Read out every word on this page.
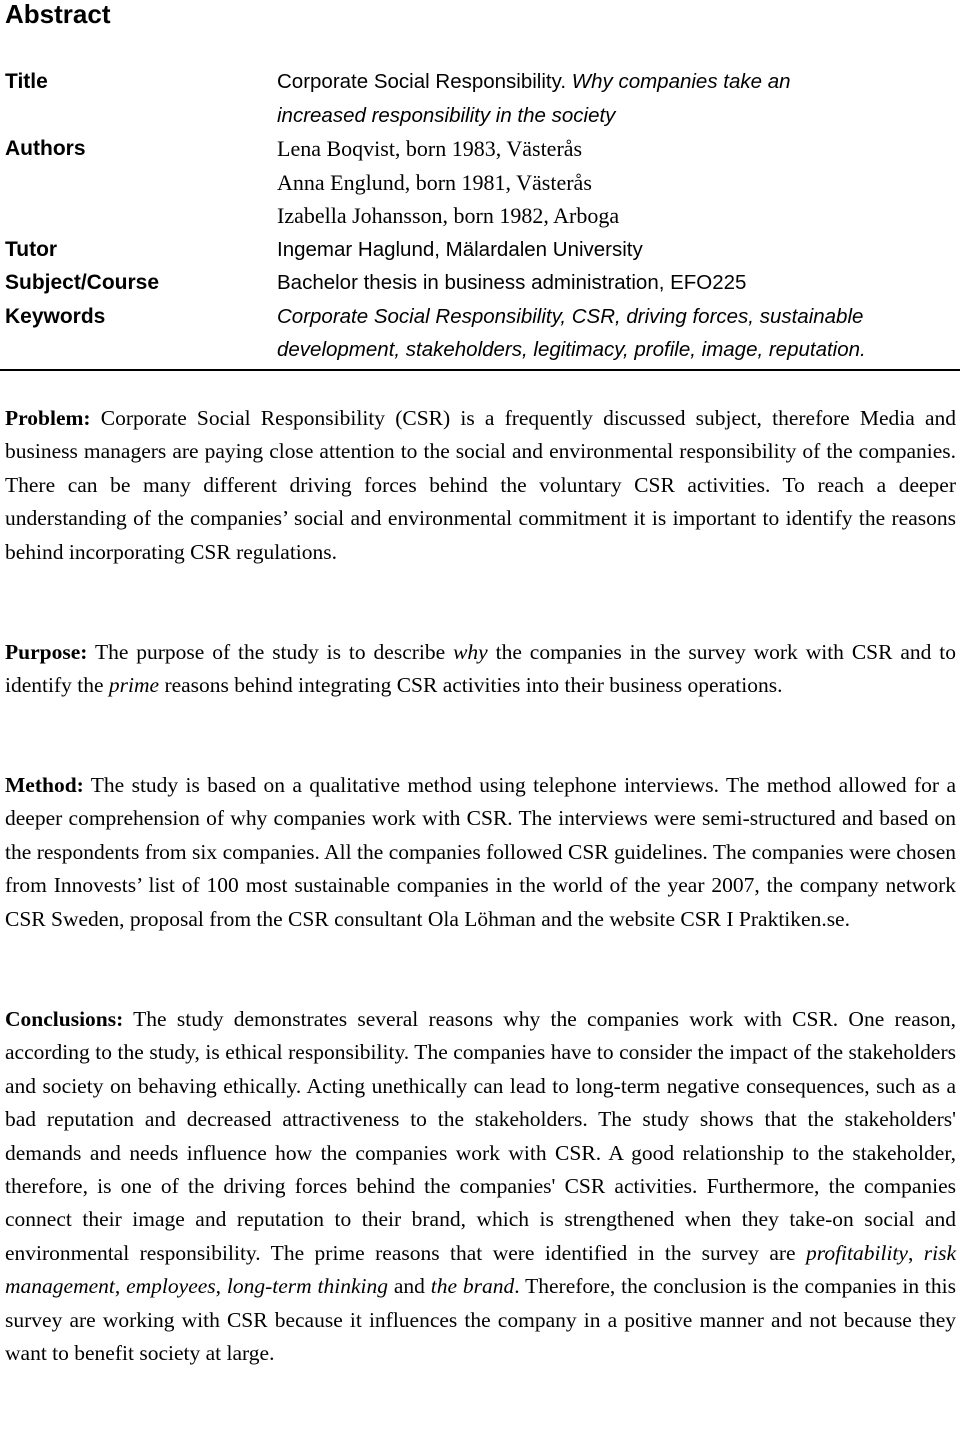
Abstract
Title	Corporate Social Responsibility. Why companies take an
increased responsibility in the society
Authors	Lena Boqvist, born 1983, Västerås
Anna Englund, born 1981, Västerås
Izabella Johansson, born 1982, Arboga
Tutor	Ingemar Haglund, Mälardalen University
Subject/Course	Bachelor thesis in business administration, EFO225
Keywords	Corporate Social Responsibility, CSR, driving forces, sustainable
development, stakeholders, legitimacy, profile, image, reputation.

Problem: Corporate Social Responsibility (CSR) is a frequently discussed subject, therefore Media and business managers are paying close attention to the social and environmental responsibility of the companies. There can be many different driving forces behind the voluntary CSR activities. To reach a deeper understanding of the companies’ social and environmental commitment it is important to identify the reasons behind incorporating CSR regulations.

Purpose: The purpose of the study is to describe why the companies in the survey work with CSR and to identify the prime reasons behind integrating CSR activities into their business operations.

Method: The study is based on a qualitative method using telephone interviews. The method allowed for a deeper comprehension of why companies work with CSR. The interviews were semi-structured and based on the respondents from six companies. All the companies followed CSR guidelines. The companies were chosen from Innovests’ list of 100 most sustainable companies in the world of the year 2007, the company network CSR Sweden, proposal from the CSR consultant Ola Löhman and the website CSR I Praktiken.se.

Conclusions: The study demonstrates several reasons why the companies work with CSR. One reason, according to the study, is ethical responsibility. The companies have to consider the impact of the stakeholders and society on behaving ethically. Acting unethically can lead to long-term negative consequences, such as a bad reputation and decreased attractiveness to the stakeholders. The study shows that the stakeholders' demands and needs influence how the companies work with CSR. A good relationship to the stakeholder, therefore, is one of the driving forces behind the companies' CSR activities. Furthermore, the companies connect their image and reputation to their brand, which is strengthened when they take-on social and environmental responsibility. The prime reasons that were identified in the survey are profitability, risk management, employees, long-term thinking and the brand. Therefore, the conclusion is the companies in this survey are working with CSR because it influences the company in a positive manner and not because they want to benefit society at large.
